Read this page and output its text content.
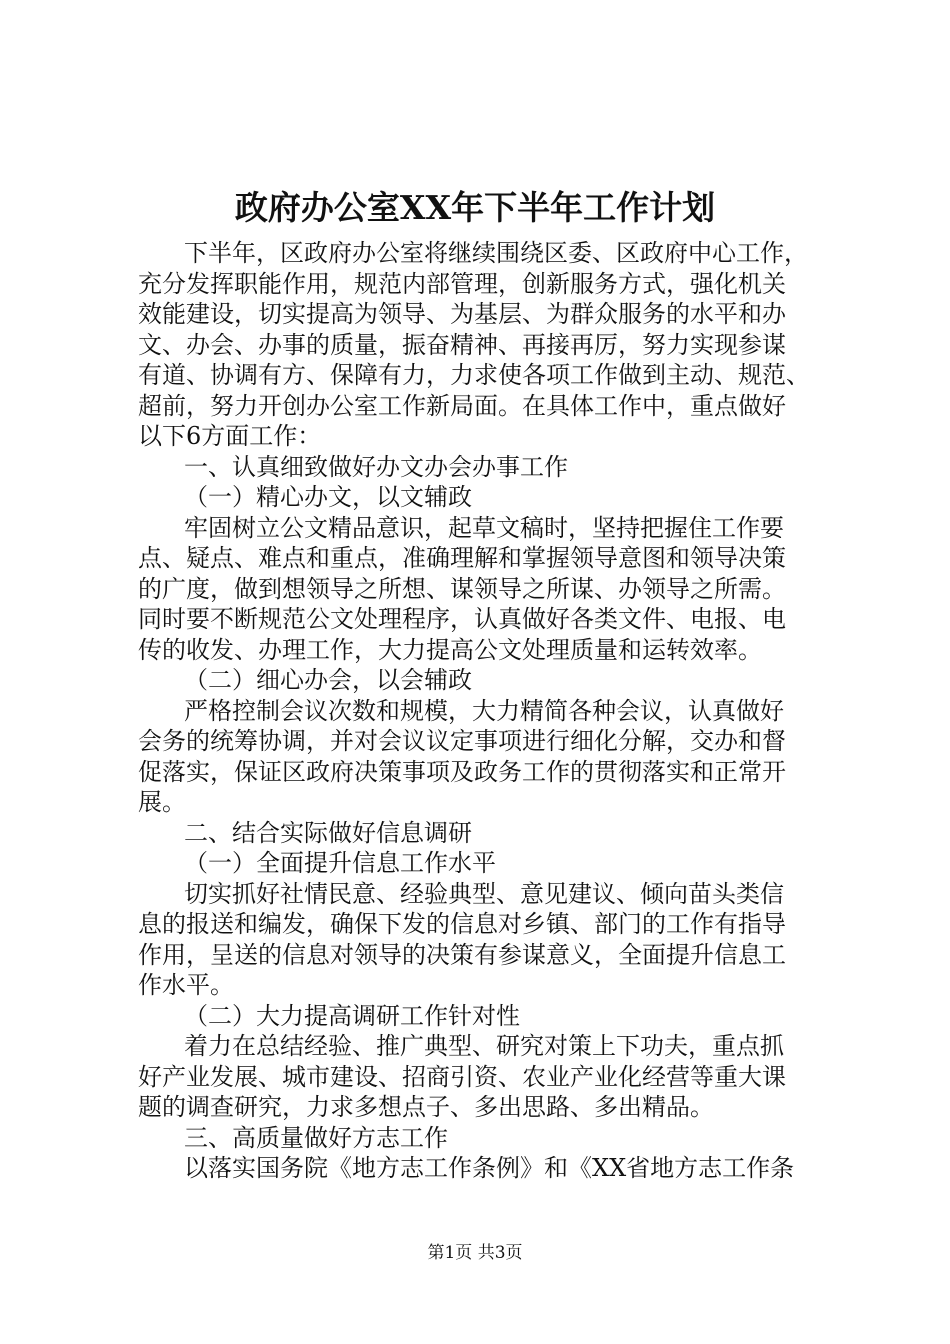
政府办公室XX年下半年工作计划
下半年，区政府办公室将继续围绕区委、区政府中心工作，
充分发挥职能作用，规范内部管理，创新服务方式，强化机关
效能建设，切实提高为领导、为基层、为群众服务的水平和办
文、办会、办事的质量，振奋精神、再接再厉，努力实现参谋
有道、协调有方、保障有力，力求使各项工作做到主动、规范、
超前，努力开创办公室工作新局面。在具体工作中，重点做好
以下6方面工作：
一、认真细致做好办文办会办事工作
（一）精心办文，以文辅政
牢固树立公文精品意识，起草文稿时，坚持把握住工作要
点、疑点、难点和重点，准确理解和掌握领导意图和领导决策
的广度，做到想领导之所想、谋领导之所谋、办领导之所需。
同时要不断规范公文处理程序，认真做好各类文件、电报、电
传的收发、办理工作，大力提高公文处理质量和运转效率。
（二）细心办会，以会辅政
严格控制会议次数和规模，大力精简各种会议，认真做好
会务的统筹协调，并对会议议定事项进行细化分解，交办和督
促落实，保证区政府决策事项及政务工作的贯彻落实和正常开
展。
二、结合实际做好信息调研
（一）全面提升信息工作水平
切实抓好社情民意、经验典型、意见建议、倾向苗头类信
息的报送和编发，确保下发的信息对乡镇、部门的工作有指导
作用，呈送的信息对领导的决策有参谋意义，全面提升信息工
作水平。
（二）大力提高调研工作针对性
着力在总结经验、推广典型、研究对策上下功夫，重点抓
好产业发展、城市建设、招商引资、农业产业化经营等重大课
题的调查研究，力求多想点子、多出思路、多出精品。
三、高质量做好方志工作
以落实国务院《地方志工作条例》和《XX省地方志工作条
第1页 共3页
